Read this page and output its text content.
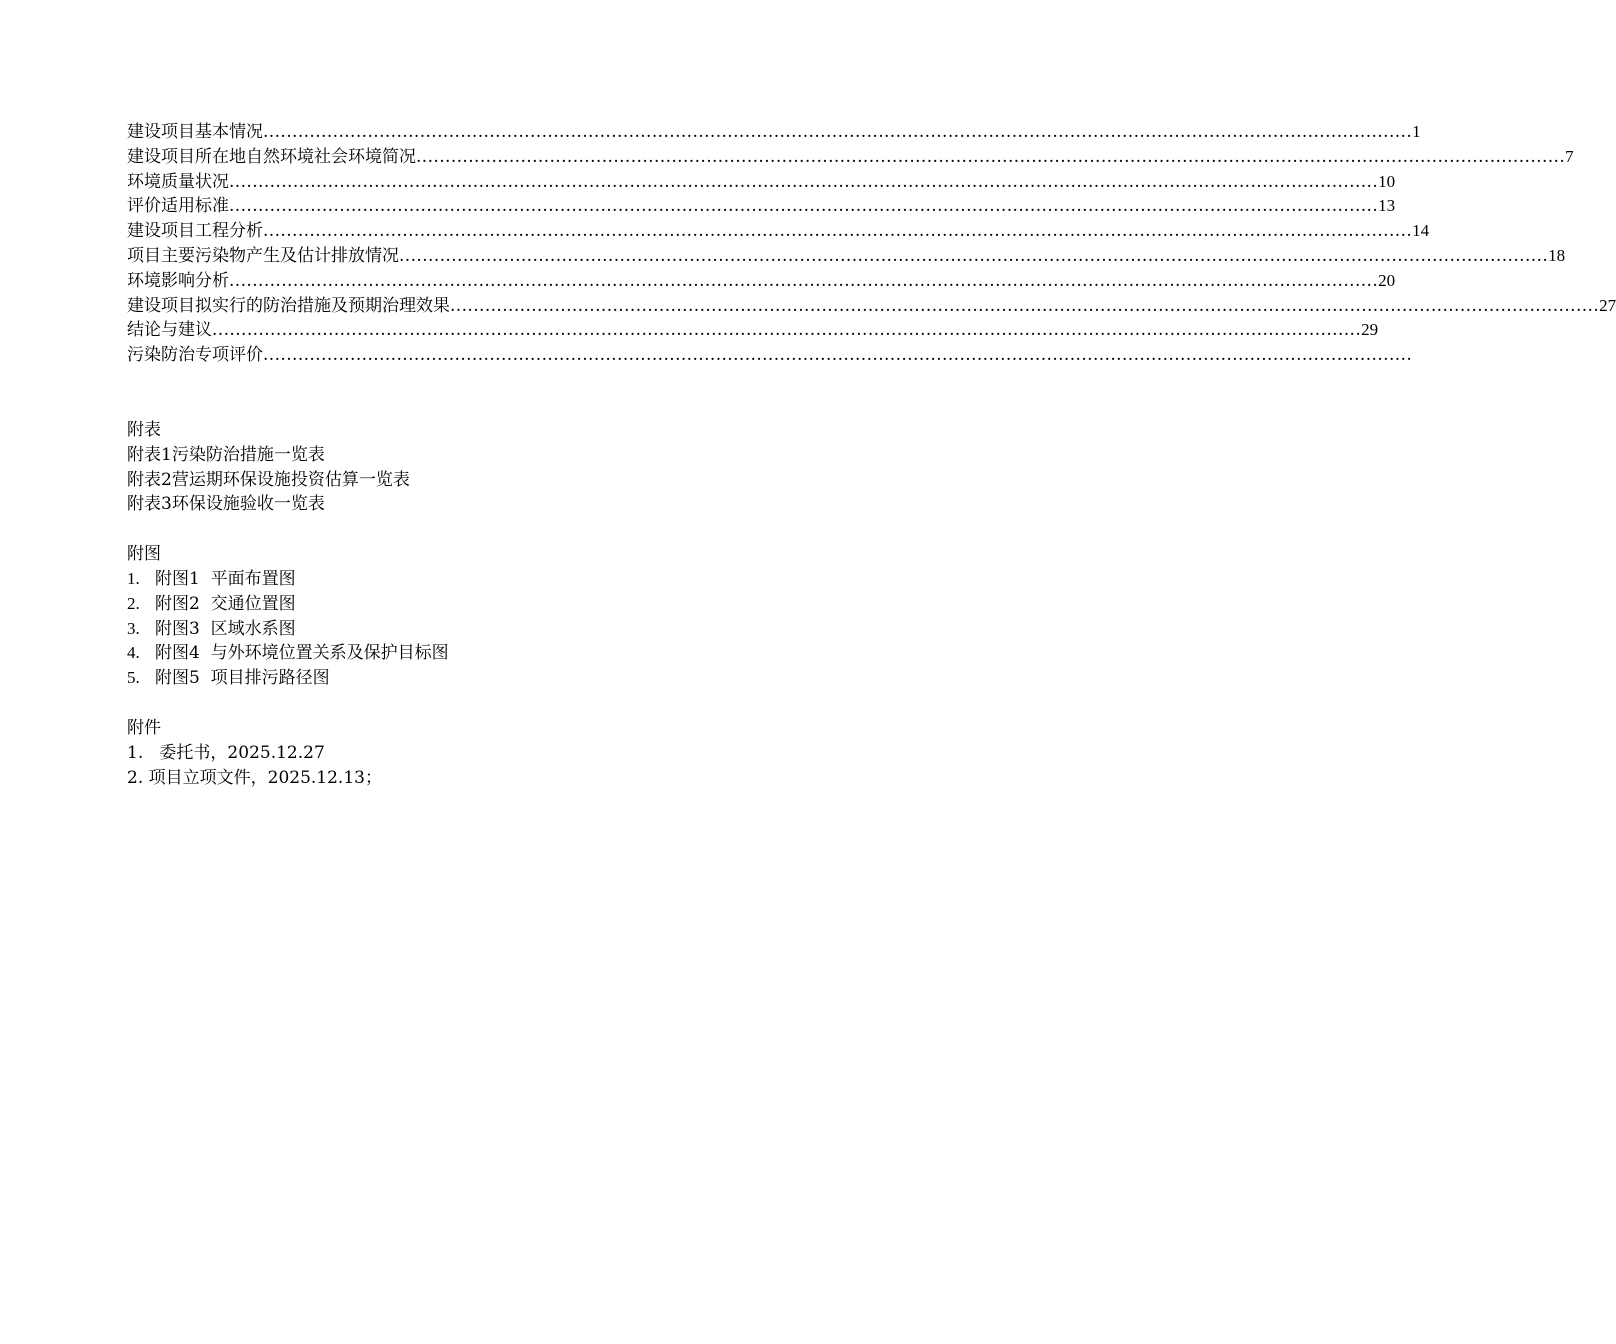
建设项目基本情况 ...................................................................................................................................................................................................... 1
建设项目所在地自然环境社会环境简况 ...................................................................................................................................................................................................... 7
环境质量状况 ...................................................................................................................................................................................................... 10
评价适用标准 ...................................................................................................................................................................................................... 13
建设项目工程分析 ...................................................................................................................................................................................................... 14
项目主要污染物产生及估计排放情况 ...................................................................................................................................................................................................... 18
环境影响分析 ...................................................................................................................................................................................................... 20
建设项目拟实行的防治措施及预期治理效果 ...................................................................................................................................................................................................... 27
结论与建议 ...................................................................................................................................................................................................... 29
污染防治专项评价 ......................................................................................................................................................................................................
附表
附表1污染防治措施一览表
附表2营运期环保设施投资估算一览表
附表3环保设施验收一览表
附图
1. 附图1  平面布置图
2. 附图2  交通位置图
3. 附图3  区域水系图
4. 附图4  与外环境位置关系及保护目标图
5. 附图5  项目排污路径图
附件
1.   委托书，2025.12.27
2. 项目立项文件，2025.12.13；
